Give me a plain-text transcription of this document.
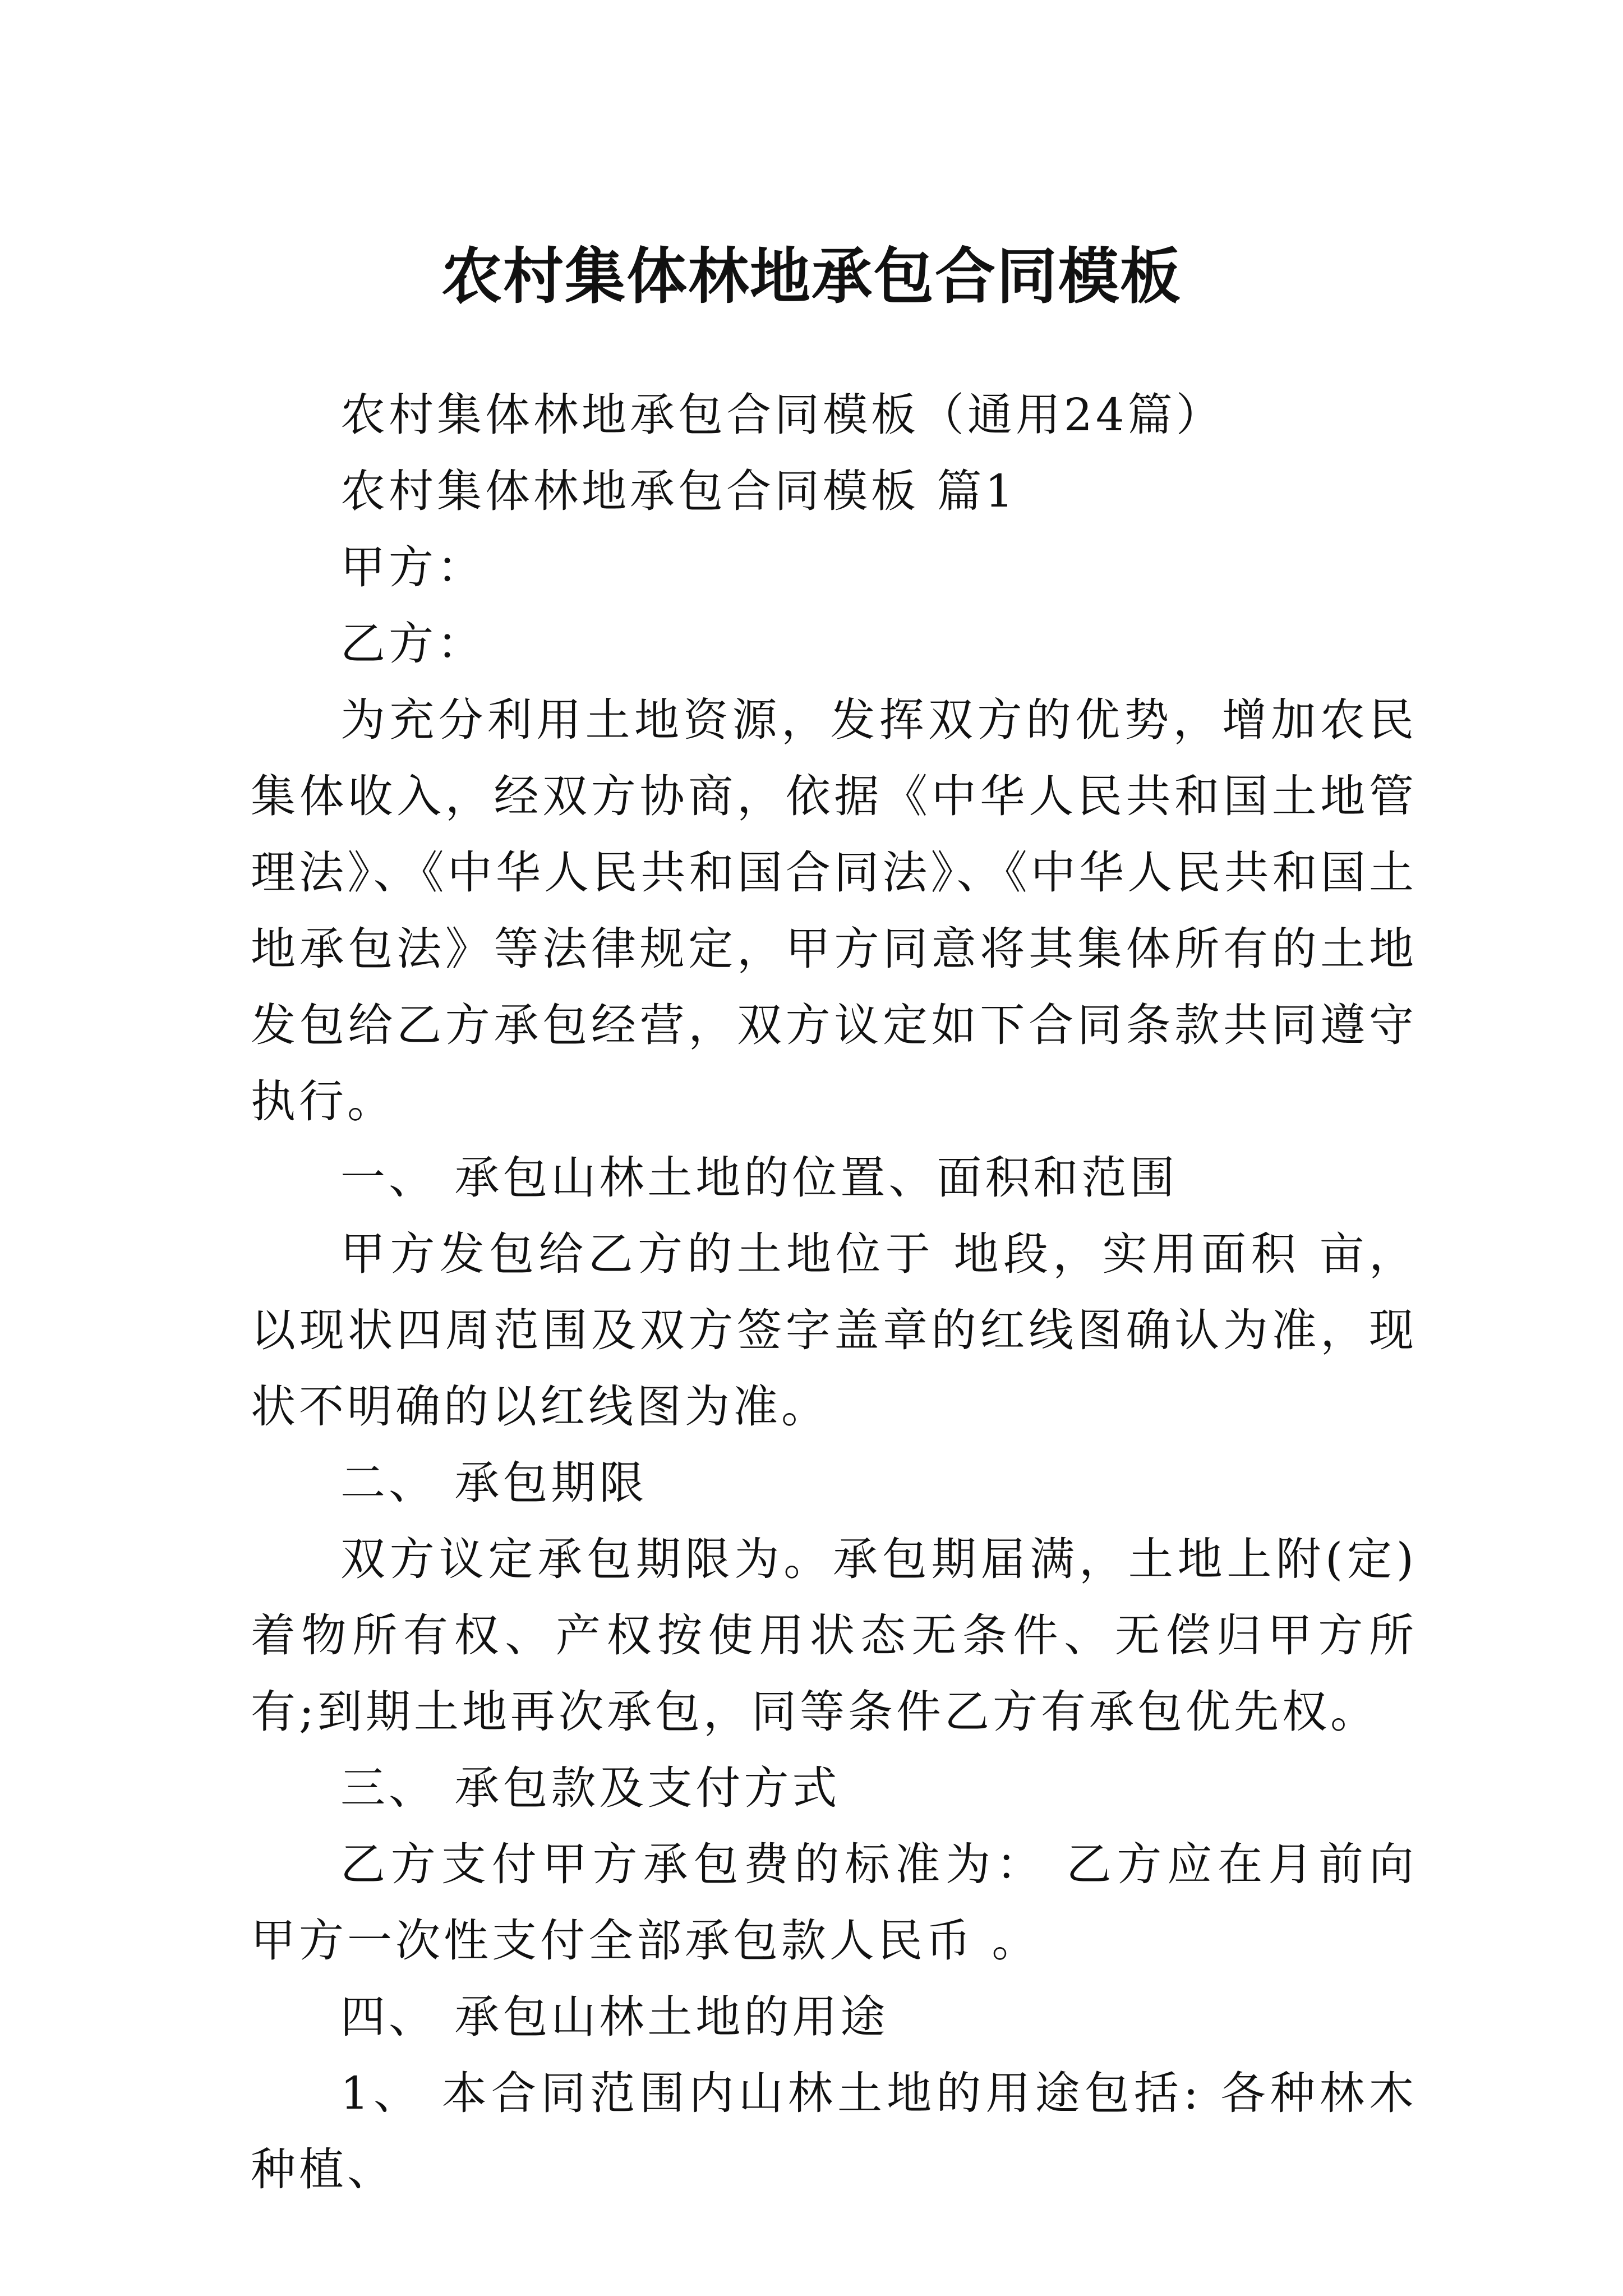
农村集体林地承包合同模板

农村集体林地承包合同模板（通用24篇）

农村集体林地承包合同模板 篇1

甲方：

乙方：

为充分利用土地资源，发挥双方的优势，增加农民集体收入，经双方协商，依据《中华人民共和国土地管理法》、《中华人民共和国合同法》、《中华人民共和国土地承包法》等法律规定，甲方同意将其集体所有的土地发包给乙方承包经营，双方议定如下合同条款共同遵守执行。

一、 承包山林土地的位置、面积和范围

甲方发包给乙方的土地位于 地段，实用面积 亩，以现状四周范围及双方签字盖章的红线图确认为准，现状不明确的以红线图为准。

二、 承包期限

双方议定承包期限为。承包期届满，土地上附(定)着物所有权、产权按使用状态无条件、无偿归甲方所有;到期土地再次承包，同等条件乙方有承包优先权。

三、 承包款及支付方式

乙方支付甲方承包费的标准为： 乙方应在月前向甲方一次性支付全部承包款人民币 。

四、 承包山林土地的用途

1、 本合同范围内山林土地的用途包括: 各种林木种植、
